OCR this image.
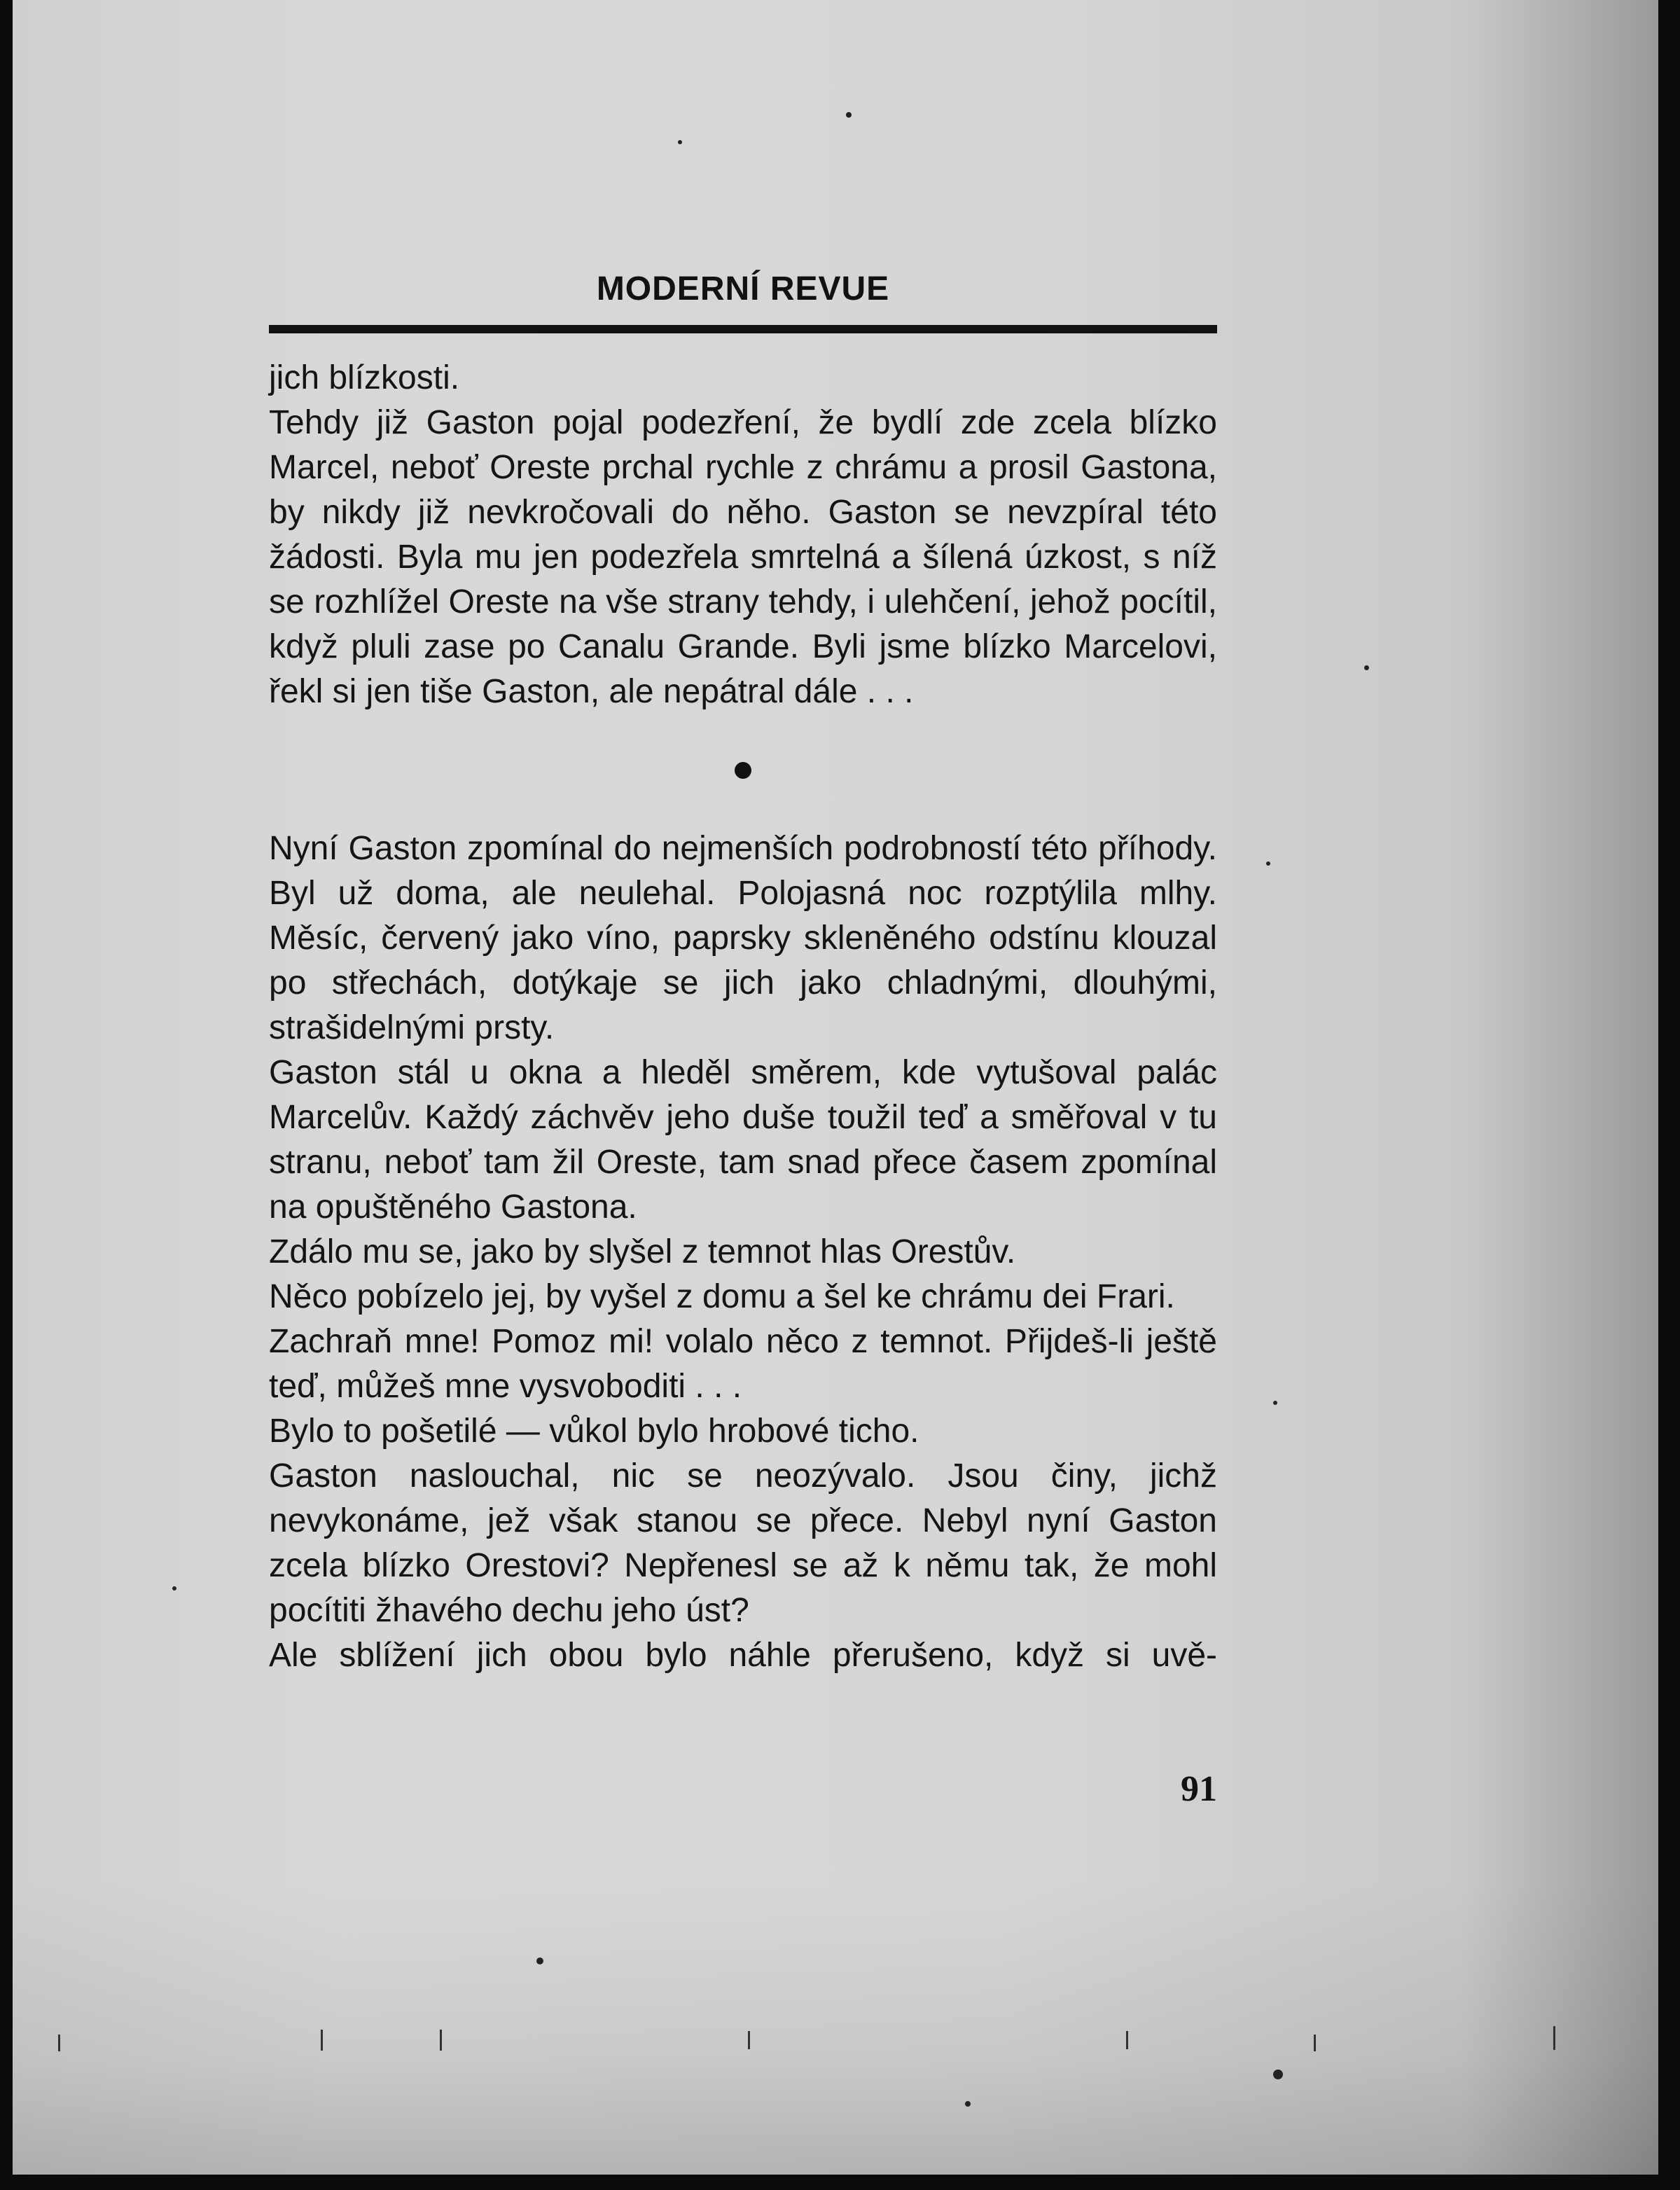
MODERNÍ REVUE

jich blízkosti.

Tehdy již Gaston pojal podezření, že bydlí zde zcela blízko Marcel, neboť Oreste prchal rychle z chrámu a prosil Gastona, by nikdy již nevkročovali do něho. Gaston se nevzpíral této žádosti. Byla mu jen podezřela smrtelná a šílená úzkost, s níž se rozhlížel Oreste na vše strany tehdy, i ulehčení, jehož pocítil, když pluli zase po Canalu Grande. Byli jsme blízko Marcelovi, řekl si jen tiše Gaston, ale nepátral dále . . .

Nyní Gaston zpomínal do nejmenších podrobností této příhody. Byl už doma, ale neulehal. Polojasná noc rozptýlila mlhy. Měsíc, červený jako víno, paprsky skleněného odstínu klouzal po střechách, dotýkaje se jich jako chladnými, dlouhými, strašidelnými prsty.

Gaston stál u okna a hleděl směrem, kde vytušoval palác Marcelův. Každý záchvěv jeho duše toužil teď a směřoval v tu stranu, neboť tam žil Oreste, tam snad přece časem zpomínal na opuštěného Gastona.

Zdálo mu se, jako by slyšel z temnot hlas Orestův.

Něco pobízelo jej, by vyšel z domu a šel ke chrámu dei Frari.

Zachraň mne! Pomoz mi! volalo něco z temnot. Přijdeš-li ještě teď, můžeš mne vysvoboditi . . .

Bylo to pošetilé — vůkol bylo hrobové ticho.

Gaston naslouchal, nic se neozývalo. Jsou činy, jichž nevykonáme, jež však stanou se přece. Nebyl nyní Gaston zcela blízko Orestovi? Nepřenesl se až k němu tak, že mohl pocítiti žhavého dechu jeho úst?

Ale sblížení jich obou bylo náhle přerušeno, když si uvě-

91
